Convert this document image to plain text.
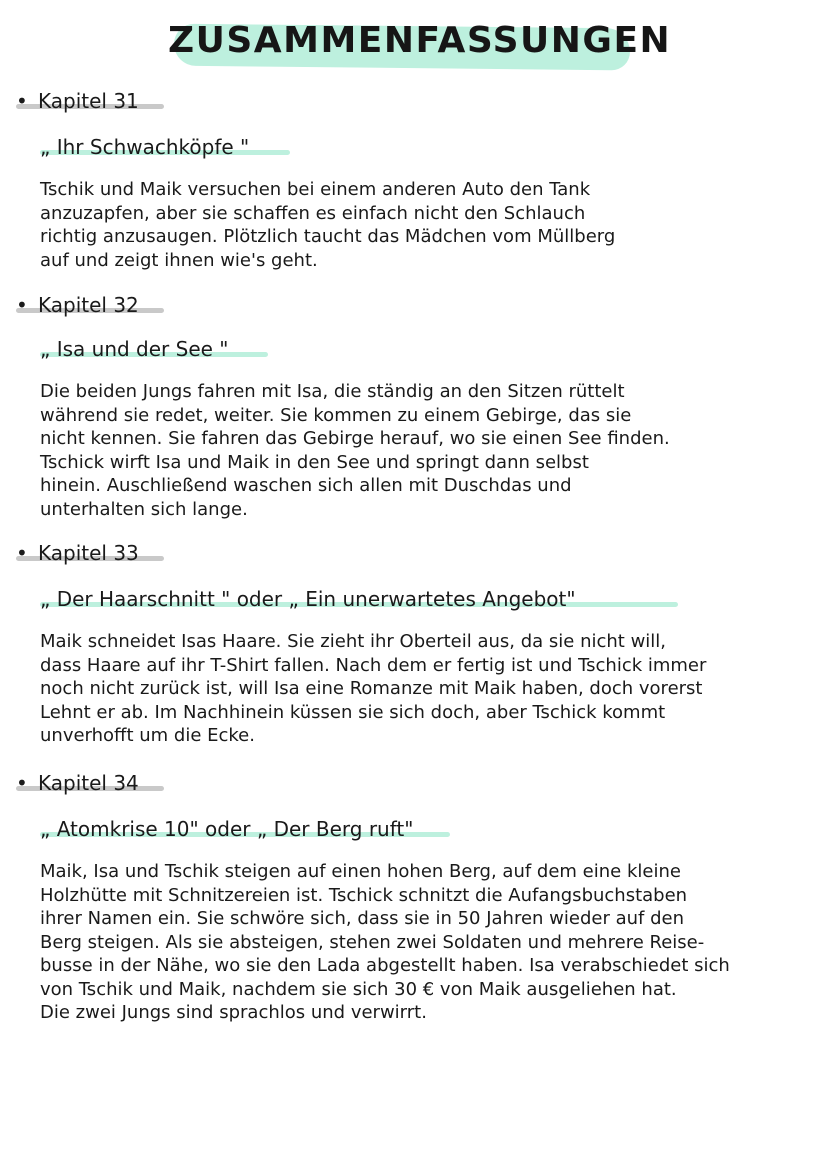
ZUSAMMENFASSUNGEN
• Kapitel 31
„ Ihr Schwachköpfe "
Tschik und Maik versuchen bei einem anderen Auto den Tank
anzuzapfen, aber sie schaffen es einfach nicht den Schlauch
richtig anzusaugen. Plötzlich taucht das Mädchen vom Müllberg
auf und zeigt ihnen wie's geht.
• Kapitel 32
„ Isa und der See "
Die beiden Jungs fahren mit Isa, die ständig an den Sitzen rüttelt
während sie redet, weiter. Sie kommen zu einem Gebirge, das sie
nicht kennen. Sie fahren das Gebirge herauf, wo sie einen See finden.
Tschick wirft Isa und Maik in den See und springt dann selbst
hinein. Auschließend waschen sich allen mit Duschdas und
unterhalten sich lange.
• Kapitel 33
„ Der Haarschnitt " oder „ Ein unerwartetes Angebot"
Maik schneidet Isas Haare. Sie zieht ihr Oberteil aus, da sie nicht will,
dass Haare auf ihr T-Shirt fallen. Nach dem er fertig ist und Tschick immer
noch nicht zurück ist, will Isa eine Romanze mit Maik haben, doch vorerst
Lehnt er ab. Im Nachhinein küssen sie sich doch, aber Tschick kommt
unverhofft um die Ecke.
• Kapitel 34
„ Atomkrise 10" oder „ Der Berg ruft"
Maik, Isa und Tschik steigen auf einen hohen Berg, auf dem eine kleine
Holzhütte mit Schnitzereien ist. Tschick schnitzt die Aufangsbuchstaben
ihrer Namen ein. Sie schwöre sich, dass sie in 50 Jahren wieder auf den
Berg steigen. Als sie absteigen, stehen zwei Soldaten und mehrere Reise-
busse in der Nähe, wo sie den Lada abgestellt haben. Isa verabschiedet sich
von Tschik und Maik, nachdem sie sich 30 € von Maik ausgeliehen hat.
Die zwei Jungs sind sprachlos und verwirrt.
